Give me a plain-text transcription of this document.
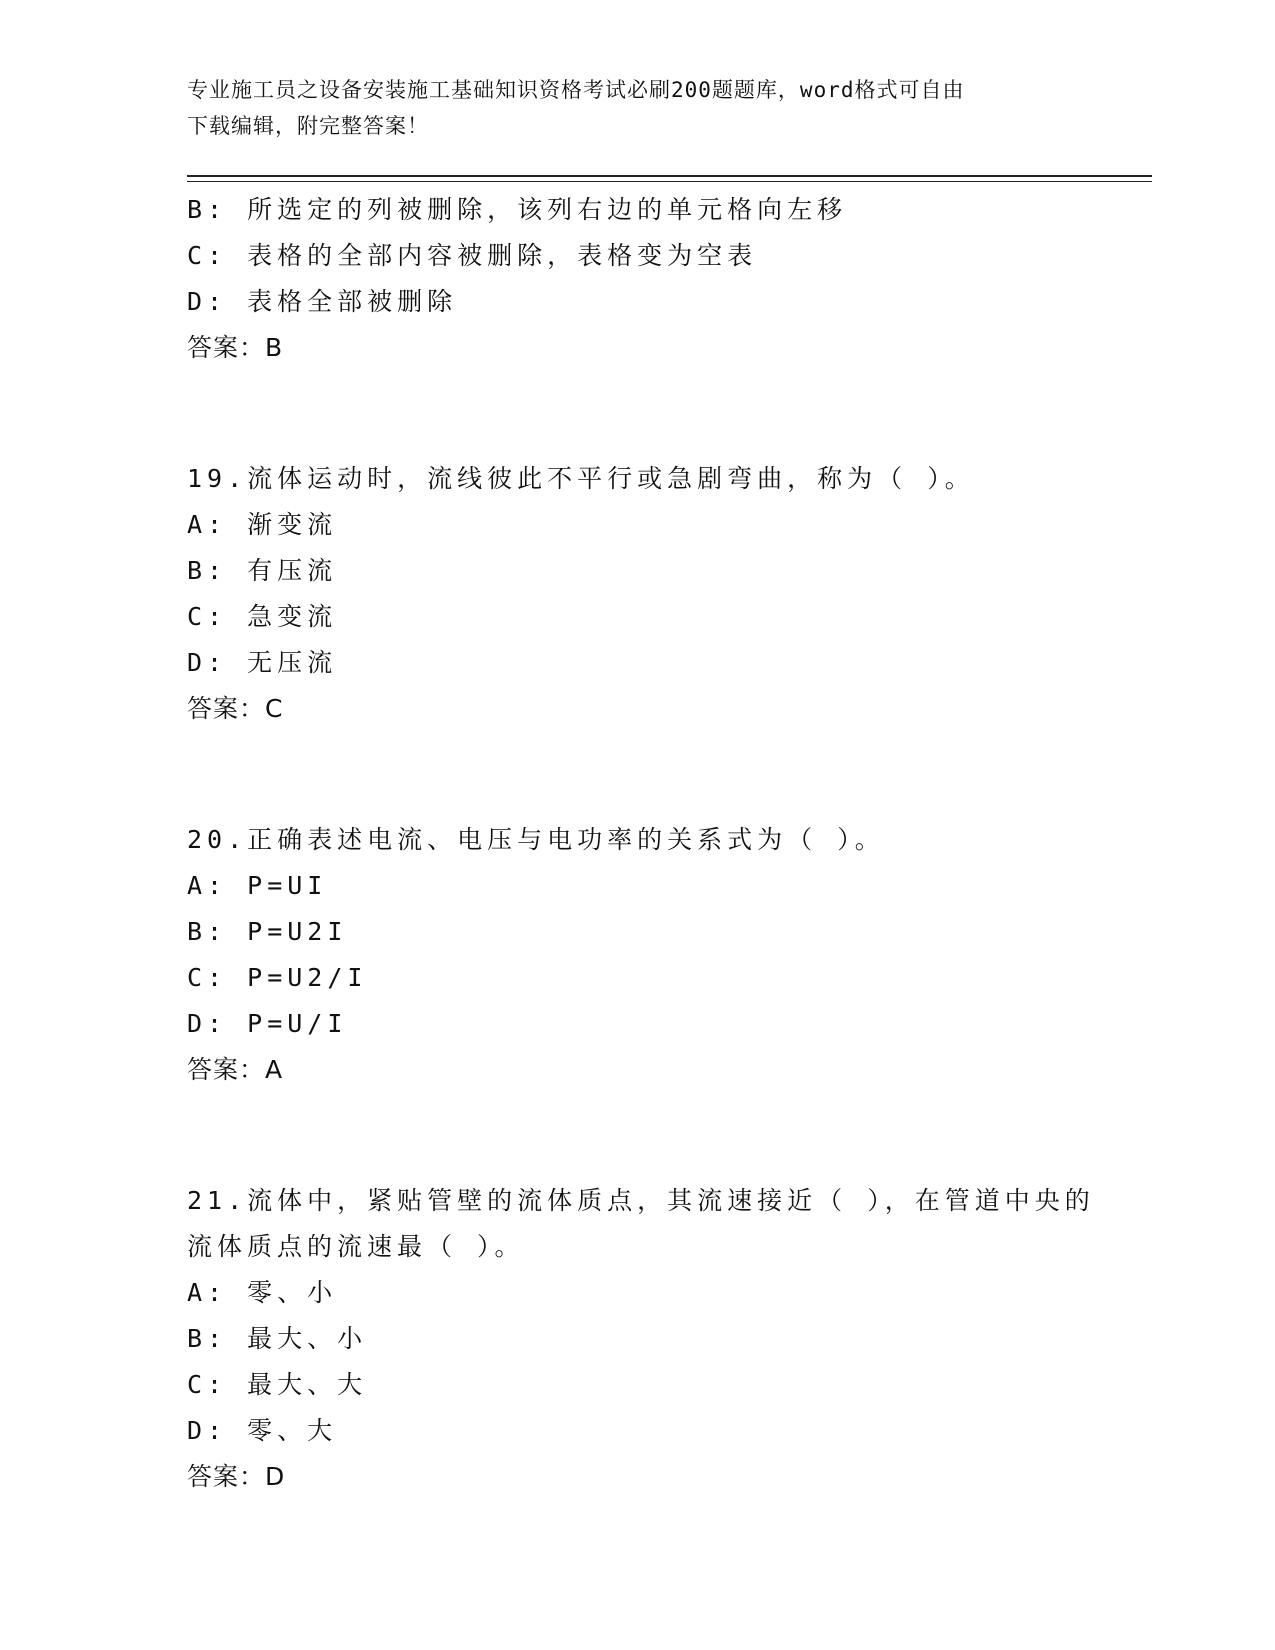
专业施工员之设备安装施工基础知识资格考试必刷200题题库，word格式可自由
下载编辑，附完整答案！
B: 所选定的列被删除，该列右边的单元格向左移
C: 表格的全部内容被删除，表格变为空表
D: 表格全部被删除
答案：B
19.流体运动时，流线彼此不平行或急剧弯曲，称为（ ）。
A: 渐变流
B: 有压流
C: 急变流
D: 无压流
答案：C
20.正确表述电流、电压与电功率的关系式为（ ）。
A: P=UI
B: P=U2I
C: P=U2/I
D: P=U/I
答案：A
21.流体中，紧贴管壁的流体质点，其流速接近（ ），在管道中央的
流体质点的流速最（ ）。
A: 零、小
B: 最大、小
C: 最大、大
D: 零、大
答案：D
